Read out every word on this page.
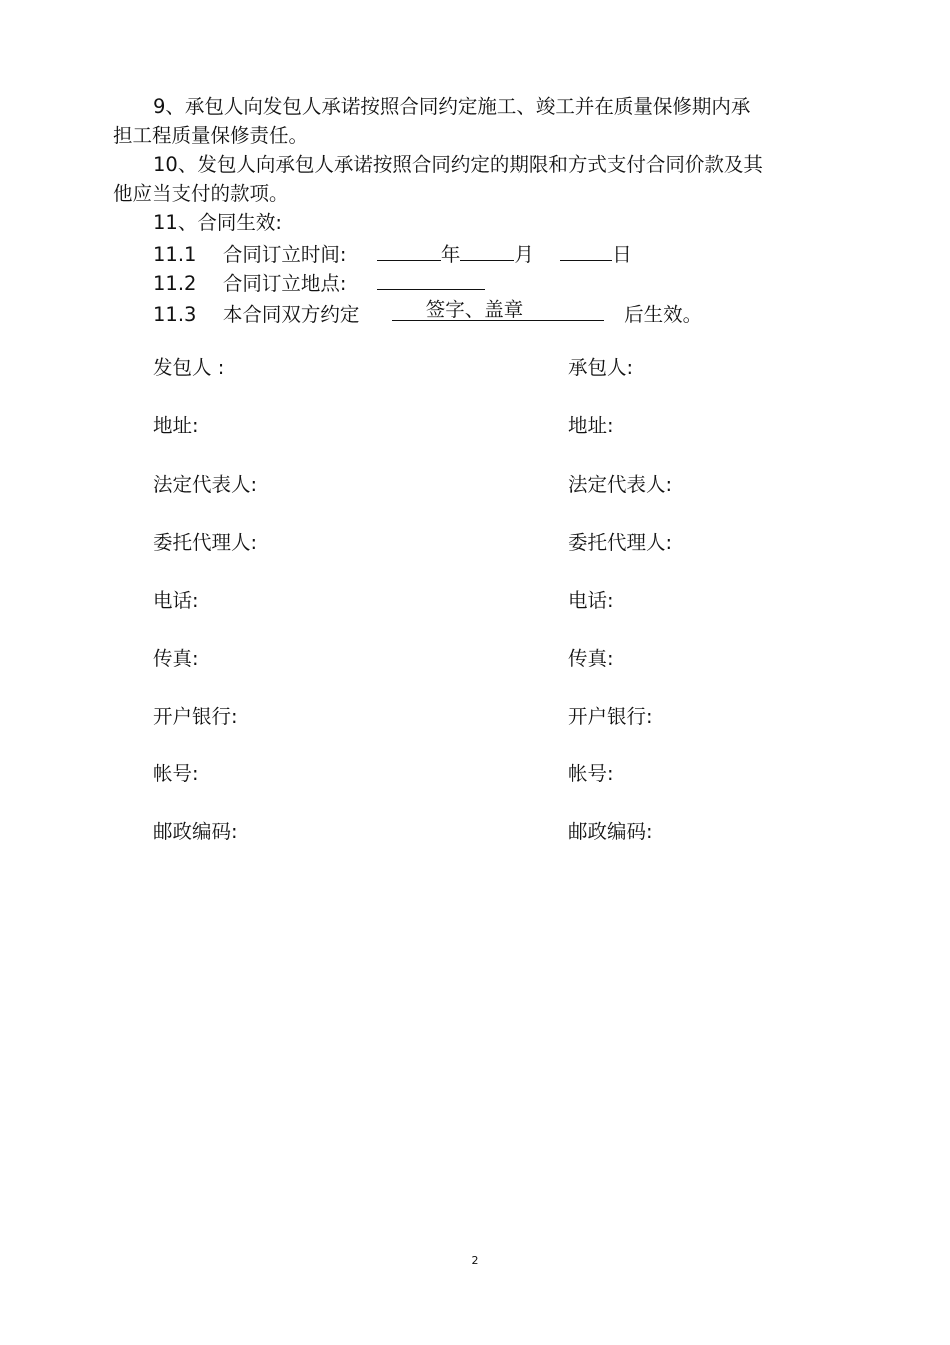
9、承包人向发包人承诺按照合同约定施工、竣工并在质量保修期内承
担工程质量保修责任。
10、发包人向承包人承诺按照合同约定的期限和方式支付合同价款及其
他应当支付的款项。
11、合同生效:
11.1 合同订立时间:	年	月	日
11.2 合同订立地点:
11.3 本合同双方约定	签字、盖章	后生效。
发包人 :	承包人:
地址:	地址:
法定代表人:	法定代表人:
委托代理人:	委托代理人:
电话:	电话:
传真:	传真:
开户银行:	开户银行:
帐号:	帐号:
邮政编码:	邮政编码:
2
